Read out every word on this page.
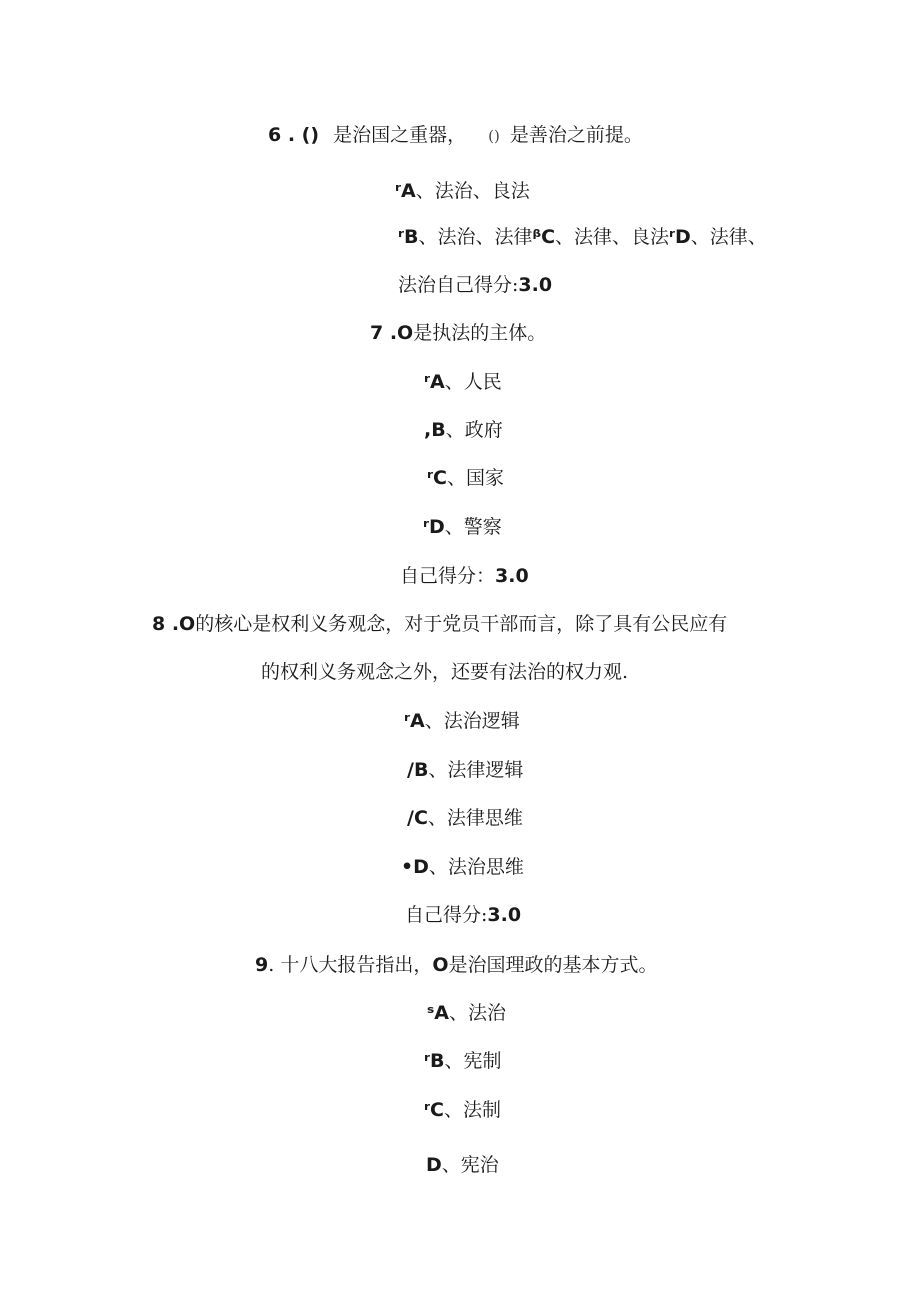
6 . () 是治国之重器， () 是善治之前提。
ʳA、法治、良法
ʳB、法治、法律ᵝC、法律、良法ʳD、法律、
法治自己得分:3.0
7 .O是执法的主体。
ʳA、人民
,B、政府
ʳC、国家
ʳD、警察
自己得分：3.0
8 .O的核心是权利义务观念，对于党员干部而言，除了具有公民应有
的权利义务观念之外，还要有法治的权力观.
ʳA、法治逻辑
/B、法律逻辑
/C、法律思维
•D、法治思维
自己得分:3.0
9. 十八大报告指出，O是治国理政的基本方式。
ˢA、法治
ʳB、宪制
ʳC、法制
D、宪治
